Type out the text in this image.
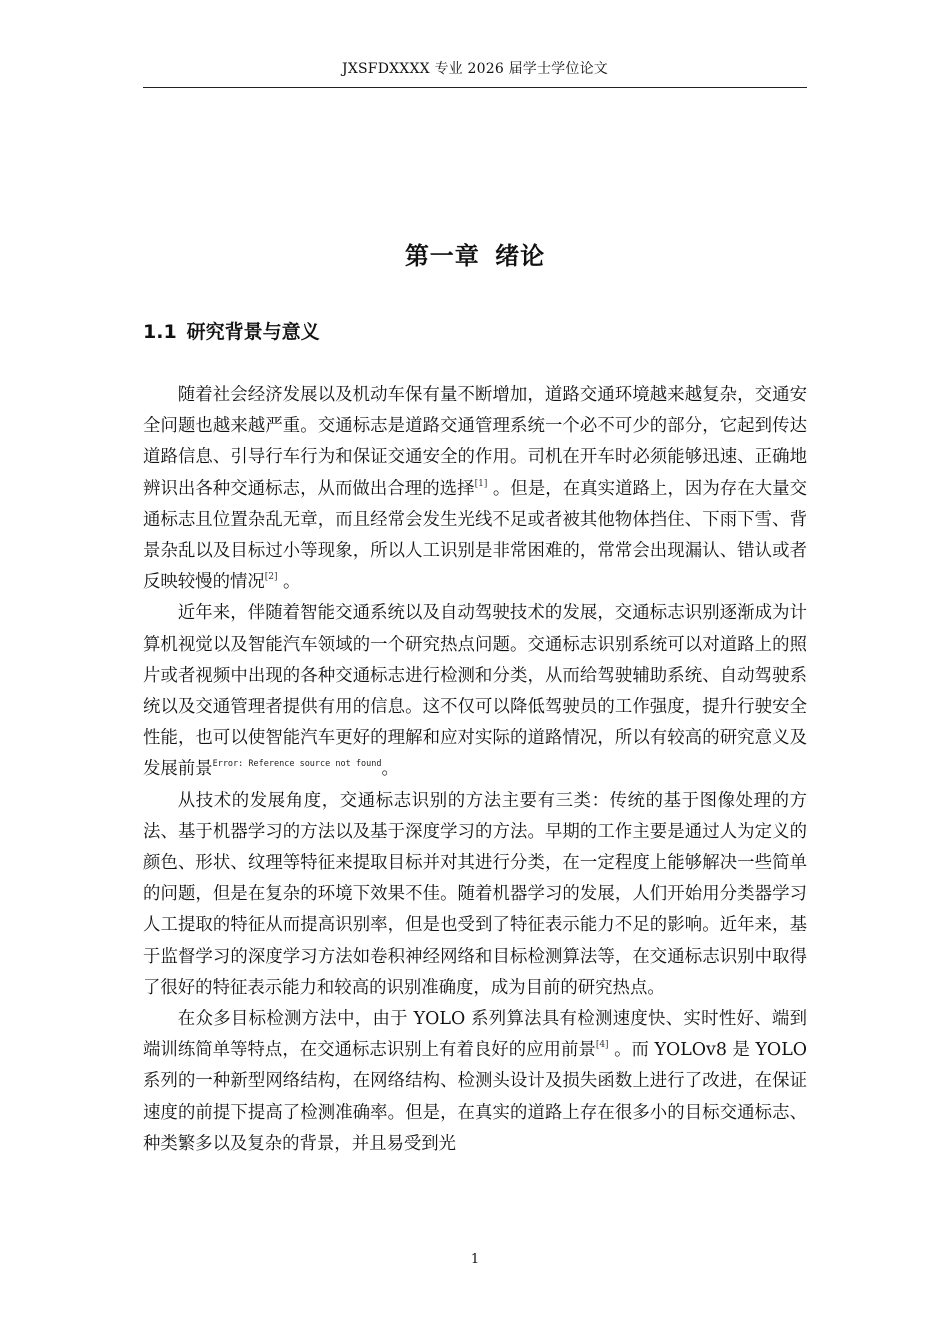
JXSFDXXXX 专业 2026 届学士学位论文
第一章 绪论
1.1 研究背景与意义

随着社会经济发展以及机动车保有量不断增加，道路交通环境越来越复杂，交通安全问题也越来越严重。交通标志是道路交通管理系统一个必不可少的部分，它起到传达道路信息、引导行车行为和保证交通安全的作用。司机在开车时必须能够迅速、正确地辨识出各种交通标志，从而做出合理的选择[1] 。但是，在真实道路上，因为存在大量交通标志且位置杂乱无章，而且经常会发生光线不足或者被其他物体挡住、下雨下雪、背景杂乱以及目标过小等现象，所以人工识别是非常困难的，常常会出现漏认、错认或者反映较慢的情况[2] 。

近年来，伴随着智能交通系统以及自动驾驶技术的发展，交通标志识别逐渐成为计算机视觉以及智能汽车领域的一个研究热点问题。交通标志识别系统可以对道路上的照片或者视频中出现的各种交通标志进行检测和分类，从而给驾驶辅助系统、自动驾驶系统以及交通管理者提供有用的信息。这不仅可以降低驾驶员的工作强度，提升行驶安全性能，也可以使智能汽车更好的理解和应对实际的道路情况，所以有较高的研究意义及发展前景$^{Error: Reference source not found}$。

从技术的发展角度，交通标志识别的方法主要有三类：传统的基于图像处理的方法、基于机器学习的方法以及基于深度学习的方法。早期的工作主要是通过人为定义的颜色、形状、纹理等特征来提取目标并对其进行分类，在一定程度上能够解决一些简单的问题，但是在复杂的环境下效果不佳。随着机器学习的发展，人们开始用分类器学习人工提取的特征从而提高识别率，但是也受到了特征表示能力不足的影响。近年来，基于监督学习的深度学习方法如卷积神经网络和目标检测算法等，在交通标志识别中取得了很好的特征表示能力和较高的识别准确度，成为目前的研究热点。

在众多目标检测方法中，由于 YOLO 系列算法具有检测速度快、实时性好、端到端训练简单等特点，在交通标志识别上有着良好的应用前景[4] 。而 YOLOv8 是 YOLO 系列的一种新型网络结构，在网络结构、检测头设计及损失函数上进行了改进，在保证速度的前提下提高了检测准确率。但是，在真实的道路上存在很多小的目标交通标志、种类繁多以及复杂的背景，并且易受到光

1
